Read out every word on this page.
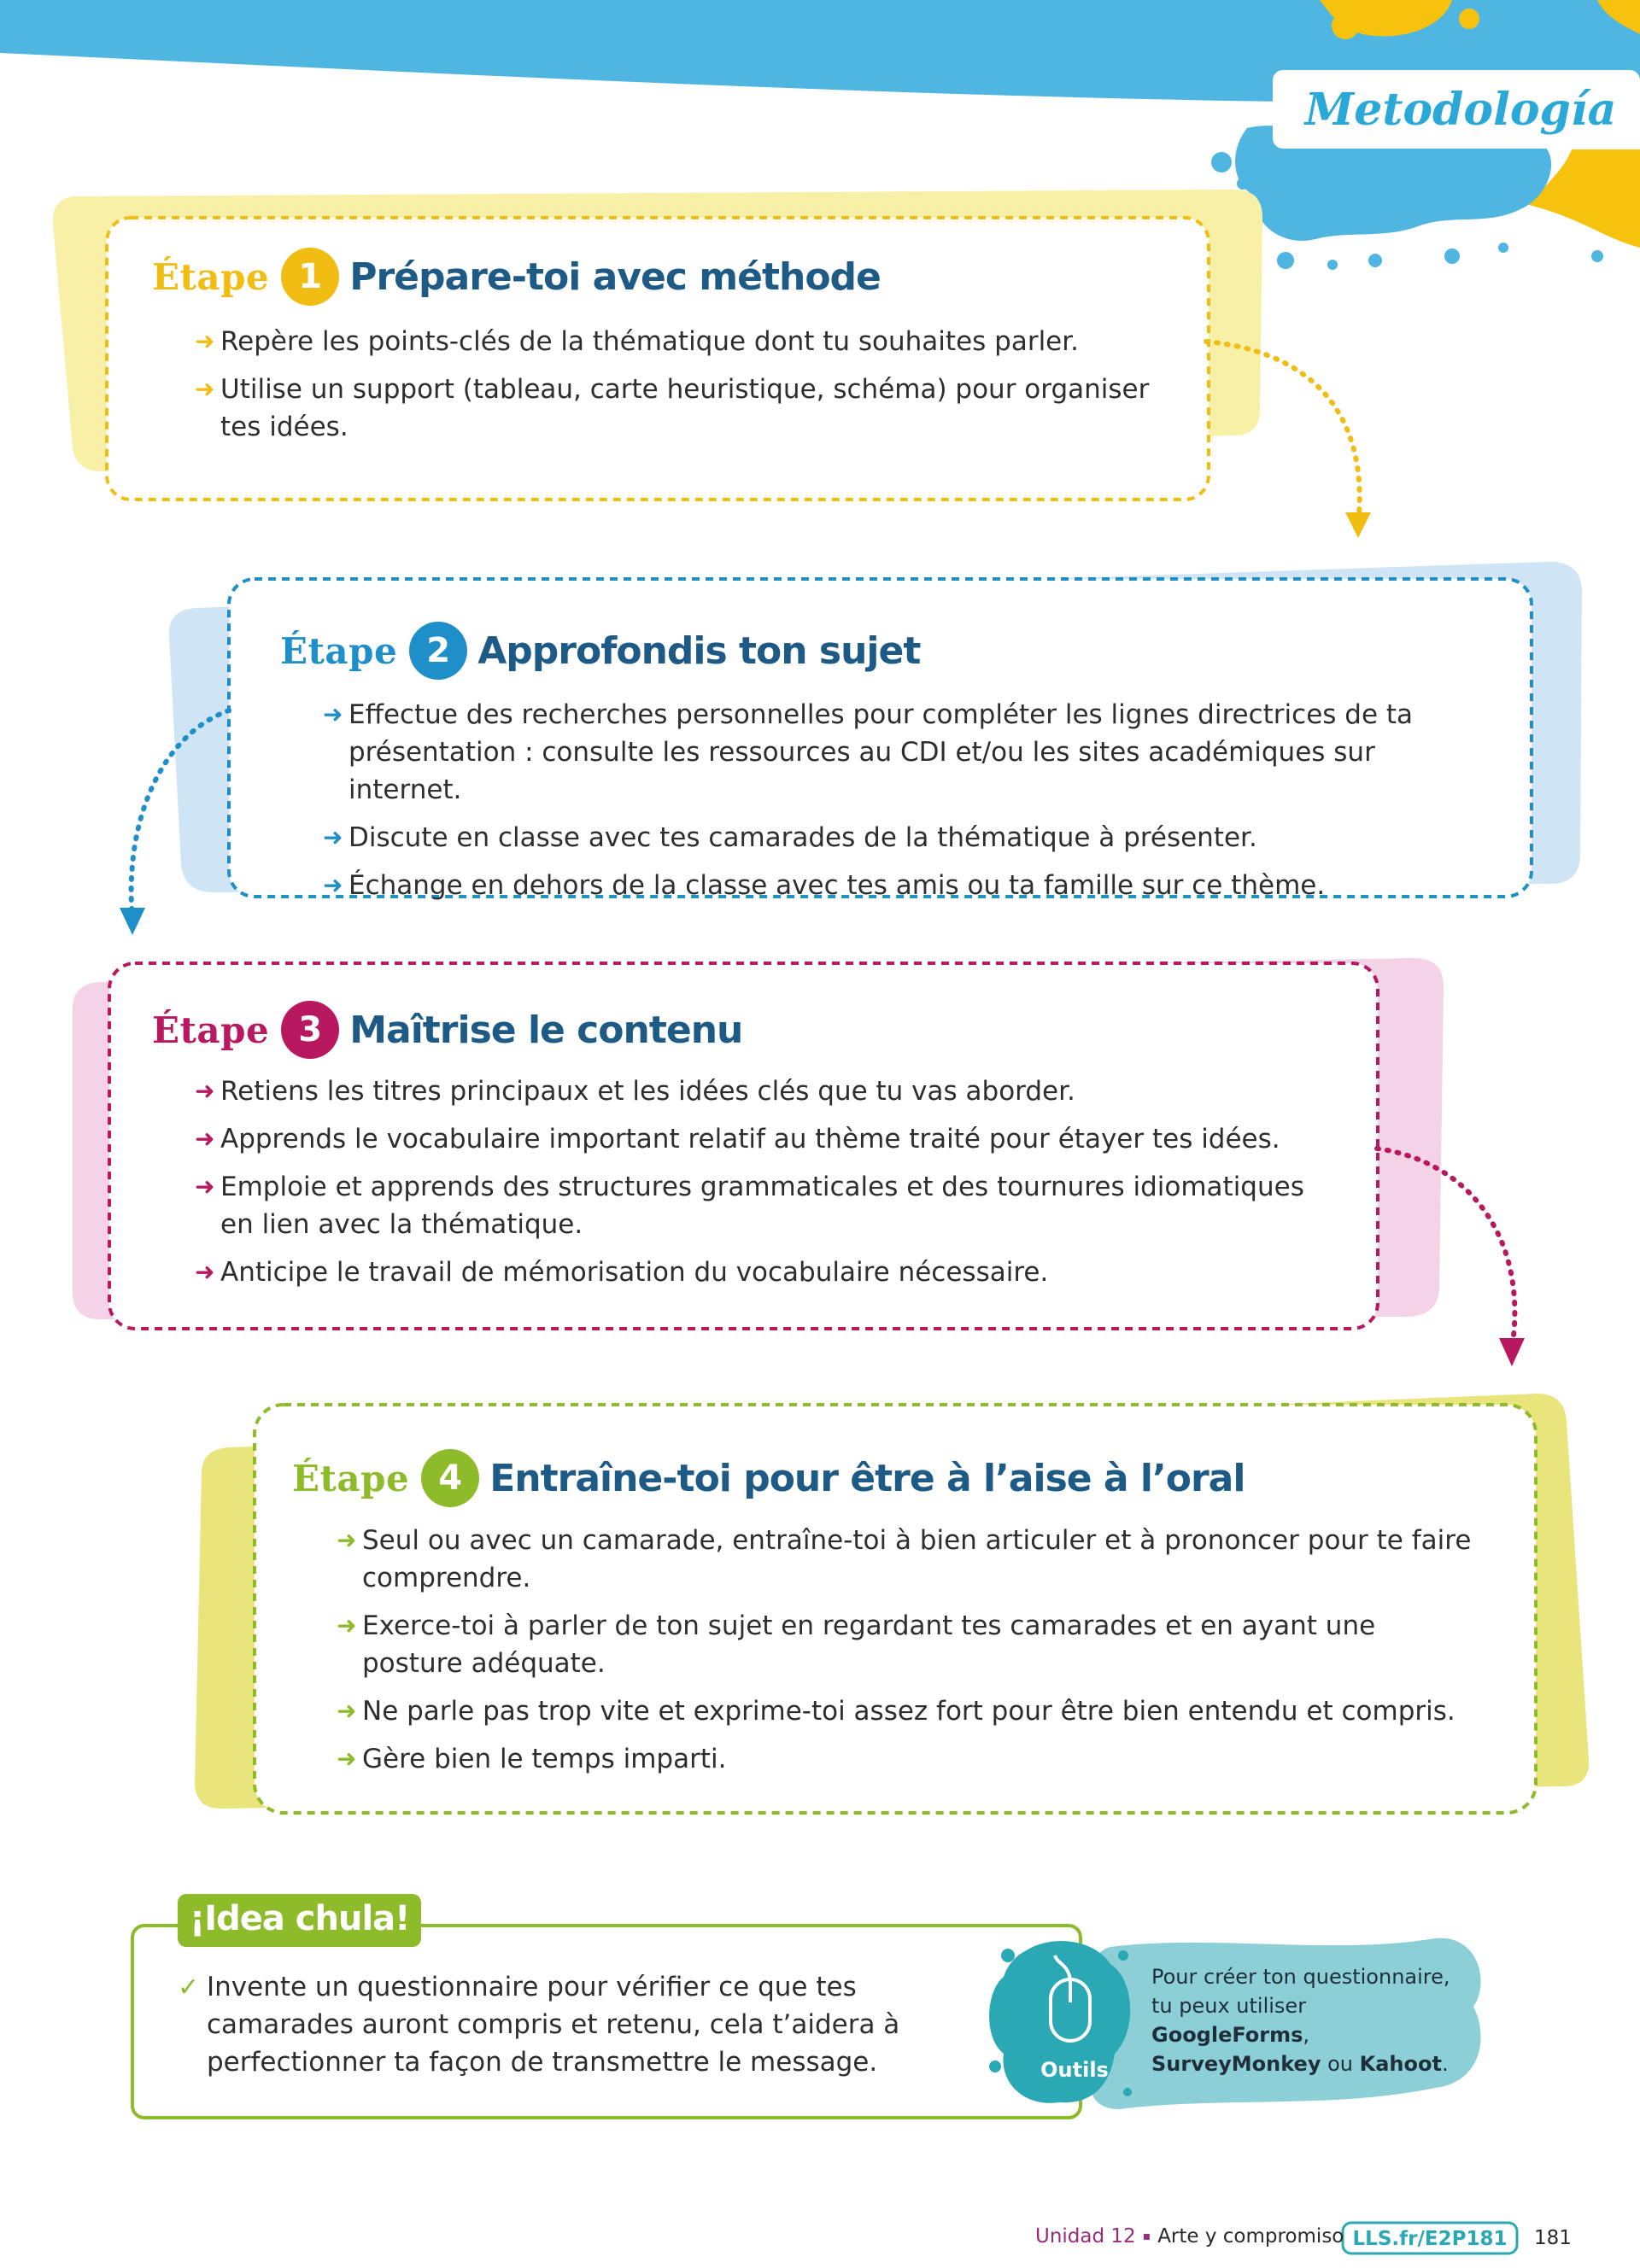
Metodología
Étape 1 Prépare-toi avec méthode
➜ Repère les points-clés de la thématique dont tu souhaites parler.
➜ Utilise un support (tableau, carte heuristique, schéma) pour organiser tes idées.
Étape 2 Approfondis ton sujet
➜ Effectue des recherches personnelles pour compléter les lignes directrices de ta présentation : consulte les ressources au CDI et/ou les sites académiques sur internet.
➜ Discute en classe avec tes camarades de la thématique à présenter.
➜ Échange en dehors de la classe avec tes amis ou ta famille sur ce thème.
Étape 3 Maîtrise le contenu
➜ Retiens les titres principaux et les idées clés que tu vas aborder.
➜ Apprends le vocabulaire important relatif au thème traité pour étayer tes idées.
➜ Emploie et apprends des structures grammaticales et des tournures idiomatiques en lien avec la thématique.
➜ Anticipe le travail de mémorisation du vocabulaire nécessaire.
Étape 4 Entraîne-toi pour être à l’aise à l’oral
➜ Seul ou avec un camarade, entraîne-toi à bien articuler et à prononcer pour te faire comprendre.
➜ Exerce-toi à parler de ton sujet en regardant tes camarades et en ayant une posture adéquate.
➜ Ne parle pas trop vite et exprime-toi assez fort pour être bien entendu et compris.
➜ Gère bien le temps imparti.
¡Idea chula!
✓ Invente un questionnaire pour vérifier ce que tes camarades auront compris et retenu, cela t’aidera à perfectionner ta façon de transmettre le message.	Outils
Pour créer ton questionnaire, tu peux utiliser GoogleForms, SurveyMonkey ou Kahoot.
Unidad 12 ▪ Arte y compromiso LLS.fr/E2P181	181
